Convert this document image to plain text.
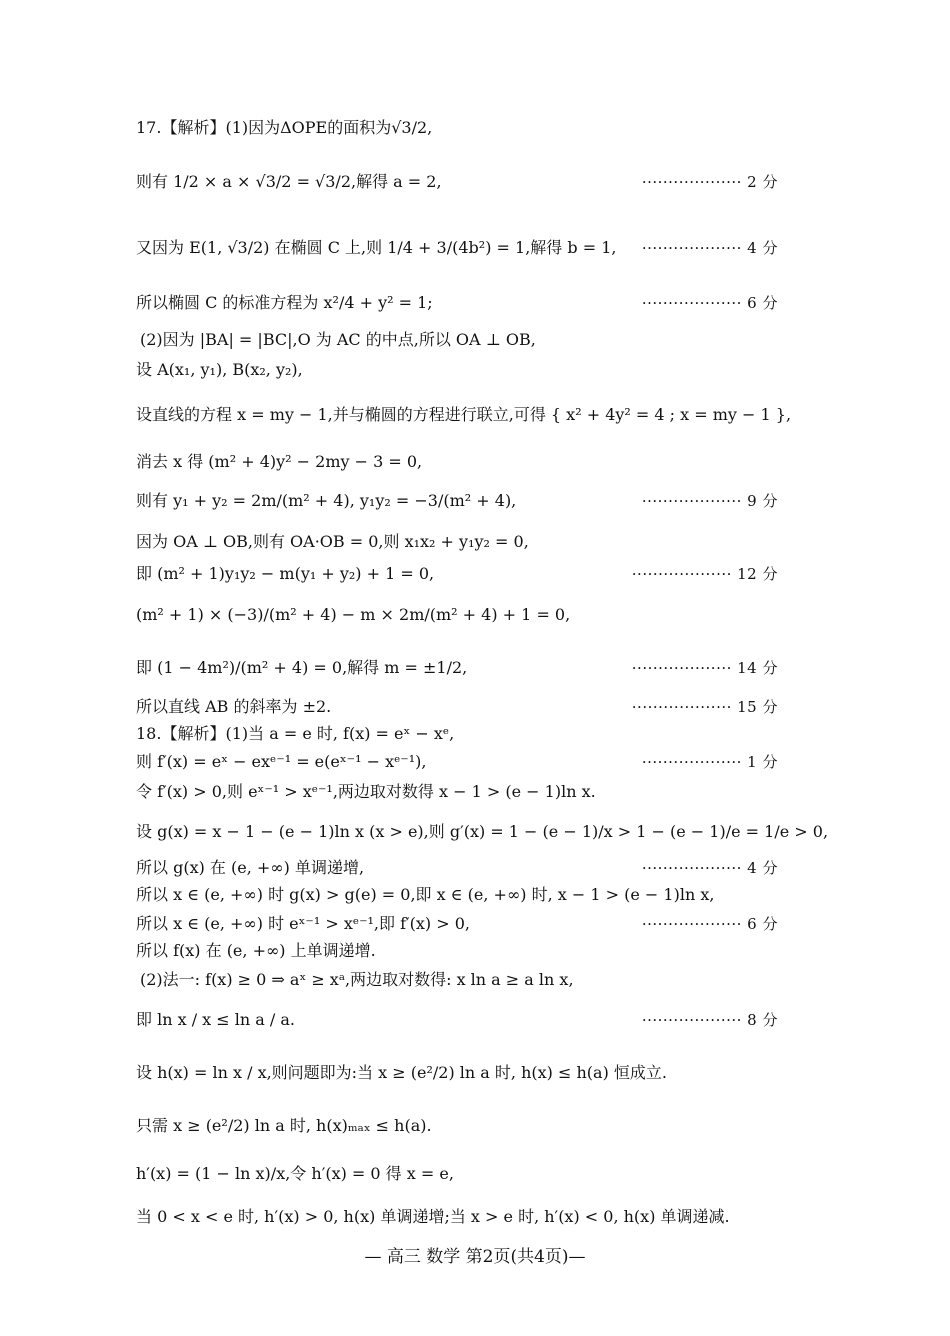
17.【解析】(1)因为ΔOPE的面积为√3/2,
则有 1/2 × a × √3/2 = √3/2,解得 a = 2,	··················· 2 分
又因为 E(1, √3/2) 在椭圆 C 上,则 1/4 + 3/(4b²) = 1,解得 b = 1, ··················· 4 分
所以椭圆 C 的标准方程为 x²/4 + y² = 1;	··················· 6 分
(2)因为 |BA| = |BC|,O 为 AC 的中点,所以 OA ⊥ OB,
设 A(x₁, y₁), B(x₂, y₂),
设直线的方程 x = my − 1,并与椭圆的方程进行联立,可得 { x² + 4y² = 4 ; x = my − 1 },
消去 x 得 (m² + 4)y² − 2my − 3 = 0,
则有 y₁ + y₂ = 2m/(m² + 4), y₁y₂ = −3/(m² + 4),	··················· 9 分
因为 OA ⊥ OB,则有 OA·OB = 0,则 x₁x₂ + y₁y₂ = 0,
即 (m² + 1)y₁y₂ − m(y₁ + y₂) + 1 = 0,	··················· 12 分
(m² + 1) × (−3)/(m² + 4) − m × 2m/(m² + 4) + 1 = 0,
即 (1 − 4m²)/(m² + 4) = 0,解得 m = ±1/2,	··················· 14 分
所以直线 AB 的斜率为 ±2.	··················· 15 分
18.【解析】(1)当 a = e 时, f(x) = eˣ − xᵉ,
则 f′(x) = eˣ − exᵉ⁻¹ = e(eˣ⁻¹ − xᵉ⁻¹),	··················· 1 分
令 f′(x) > 0,则 eˣ⁻¹ > xᵉ⁻¹,两边取对数得 x − 1 > (e − 1)ln x.
设 g(x) = x − 1 − (e − 1)ln x (x > e),则 g′(x) = 1 − (e − 1)/x > 1 − (e − 1)/e = 1/e > 0,
所以 g(x) 在 (e, +∞) 单调递增,	··················· 4 分
所以 x ∈ (e, +∞) 时 g(x) > g(e) = 0,即 x ∈ (e, +∞) 时, x − 1 > (e − 1)ln x,
所以 x ∈ (e, +∞) 时 eˣ⁻¹ > xᵉ⁻¹,即 f′(x) > 0,	··················· 6 分
所以 f(x) 在 (e, +∞) 上单调递增.
(2)法一: f(x) ≥ 0 ⇒ aˣ ≥ xᵃ,两边取对数得: x ln a ≥ a ln x,
即 ln x / x ≤ ln a / a.	··················· 8 分
设 h(x) = ln x / x,则问题即为:当 x ≥ (e²/2) ln a 时, h(x) ≤ h(a) 恒成立.
只需 x ≥ (e²/2) ln a 时, h(x)ₘₐₓ ≤ h(a).
h′(x) = (1 − ln x)/x,令 h′(x) = 0 得 x = e,
当 0 < x < e 时, h′(x) > 0, h(x) 单调递增;当 x > e 时, h′(x) < 0, h(x) 单调递减.
— 高三 数学 第2页(共4页)—
